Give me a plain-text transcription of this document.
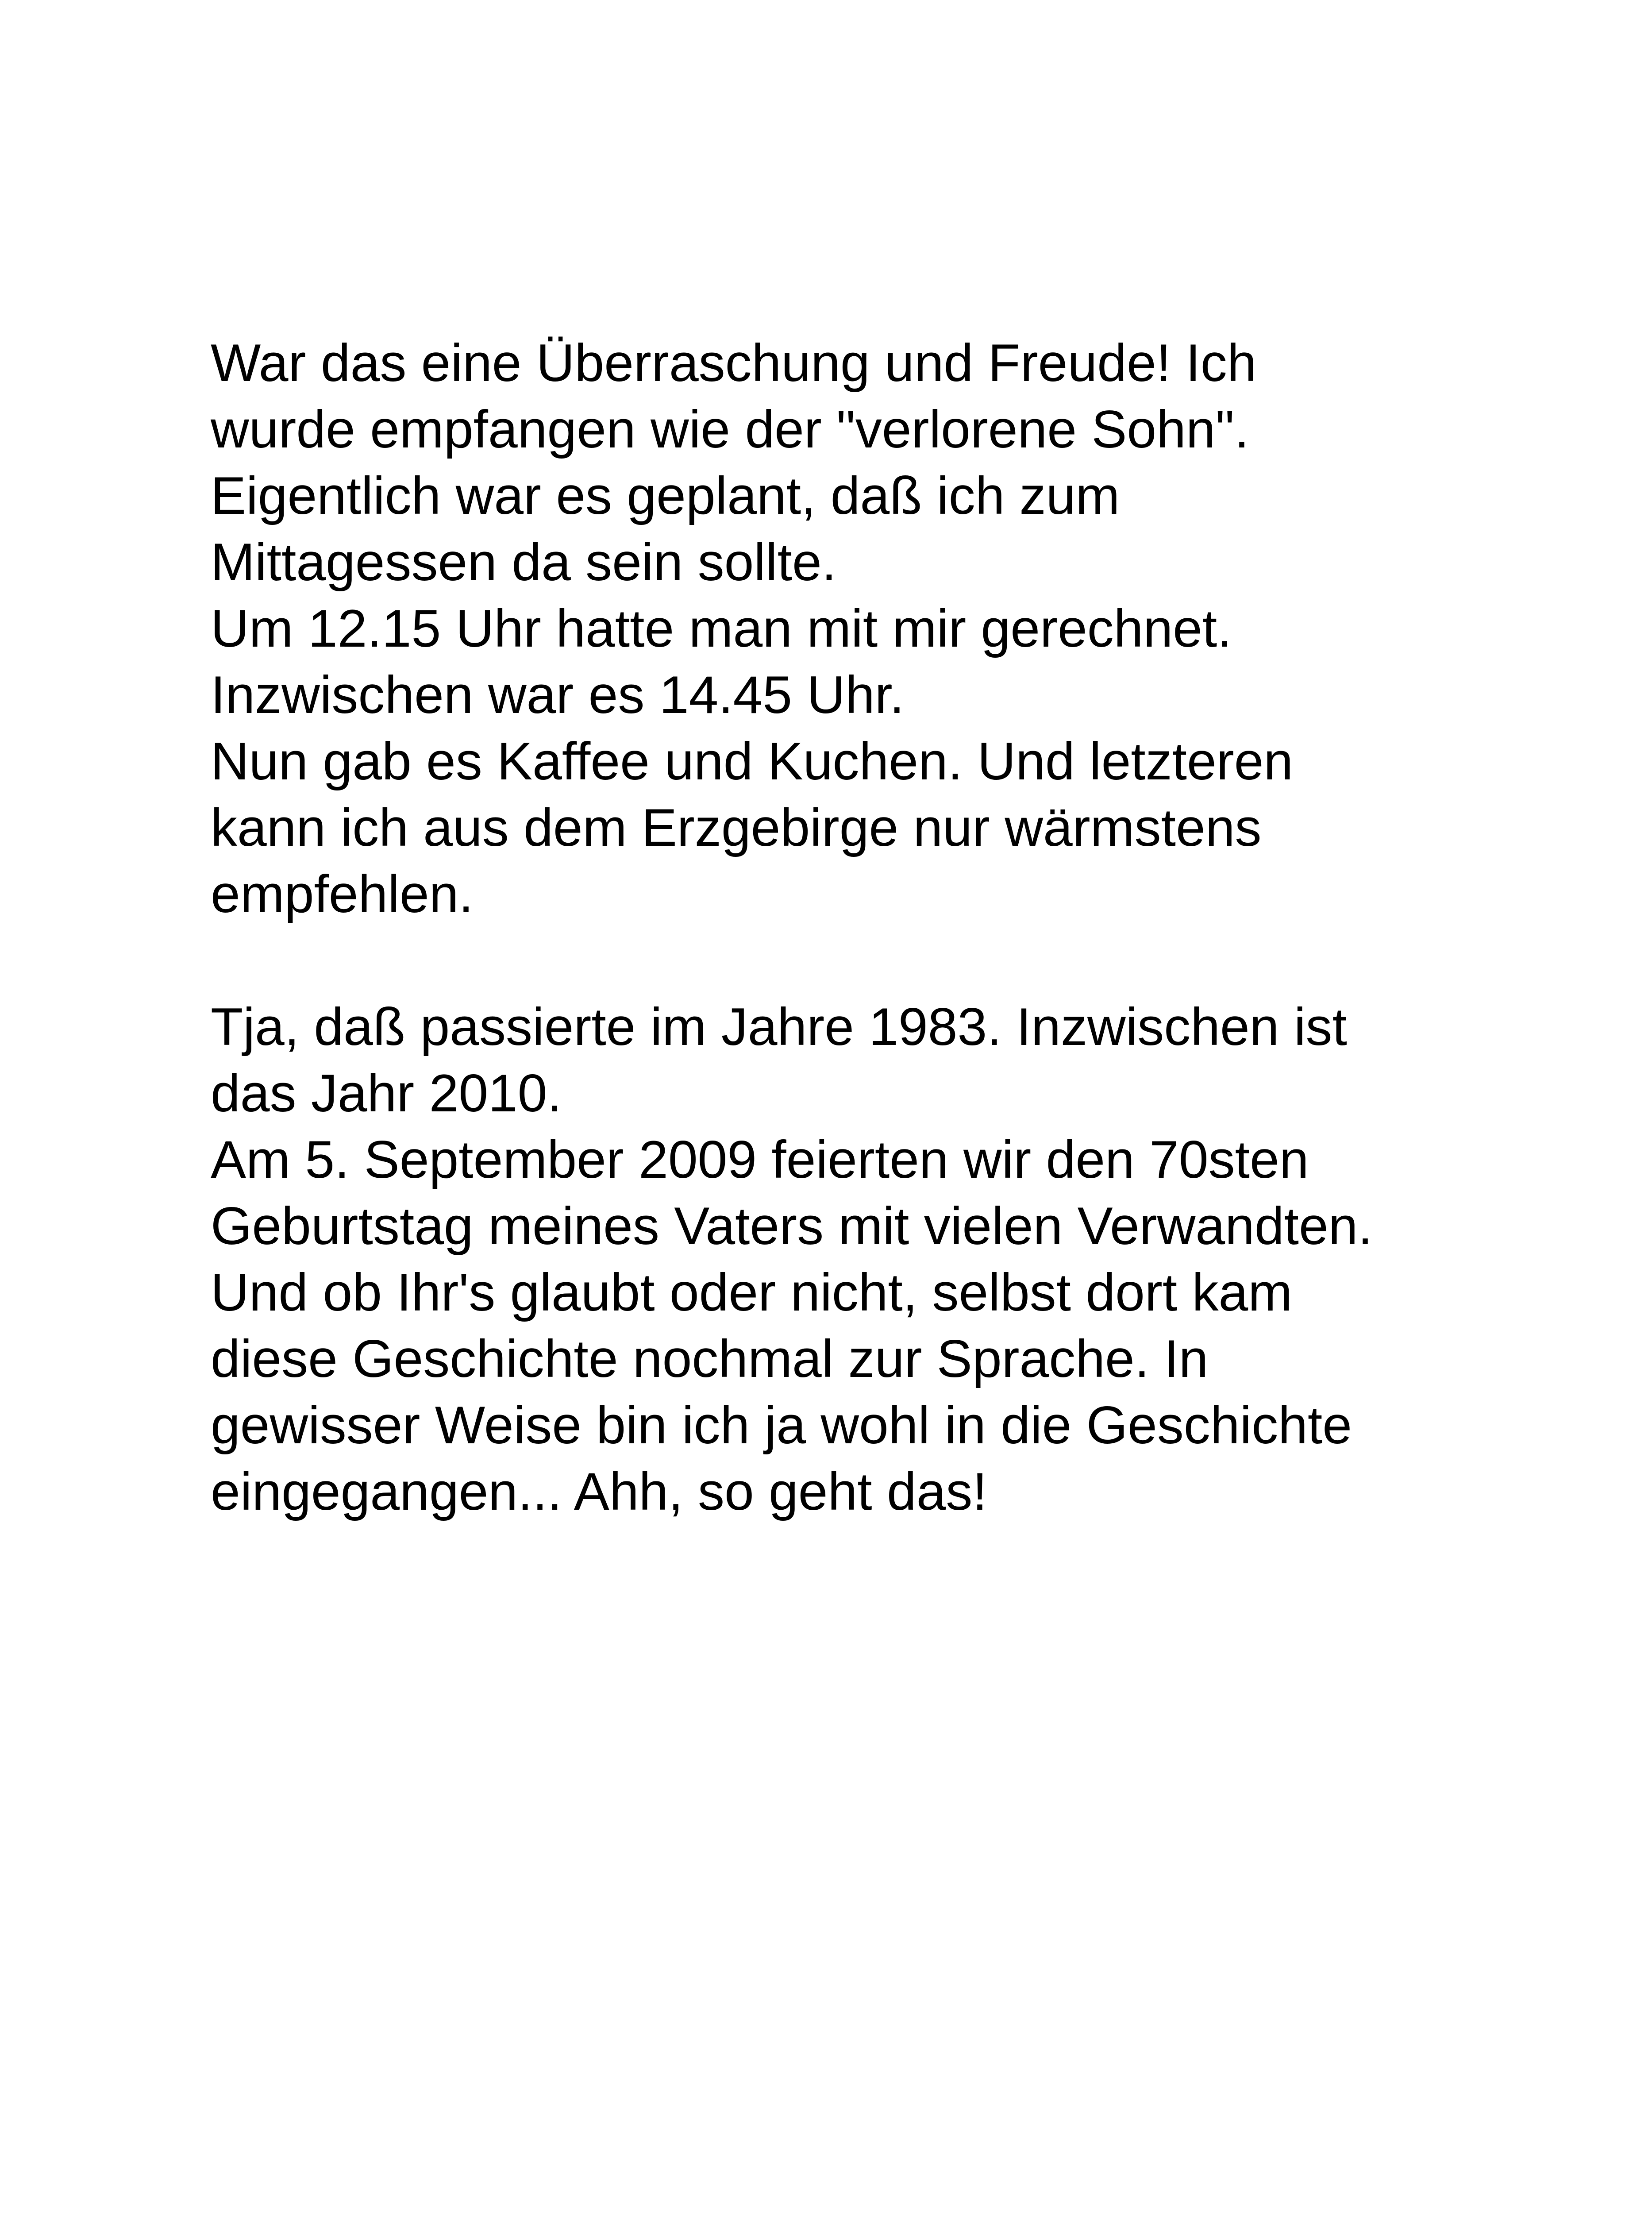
War das eine Überraschung und Freude! Ich
wurde empfangen wie der "verlorene Sohn".
Eigentlich war es geplant, daß ich zum
Mittagessen da sein sollte.
Um 12.15 Uhr hatte man mit mir gerechnet.
Inzwischen war es 14.45 Uhr.
Nun gab es Kaffee und Kuchen. Und letzteren
kann ich aus dem Erzgebirge nur wärmstens
empfehlen.
Tja, daß passierte im Jahre 1983. Inzwischen ist
das Jahr 2010.
Am 5. September 2009 feierten wir den 70sten
Geburtstag meines Vaters mit vielen Verwandten.
Und ob Ihr's glaubt oder nicht, selbst dort kam
diese Geschichte nochmal zur Sprache. In
gewisser Weise bin ich ja wohl in die Geschichte
eingegangen... Ahh, so geht das!
